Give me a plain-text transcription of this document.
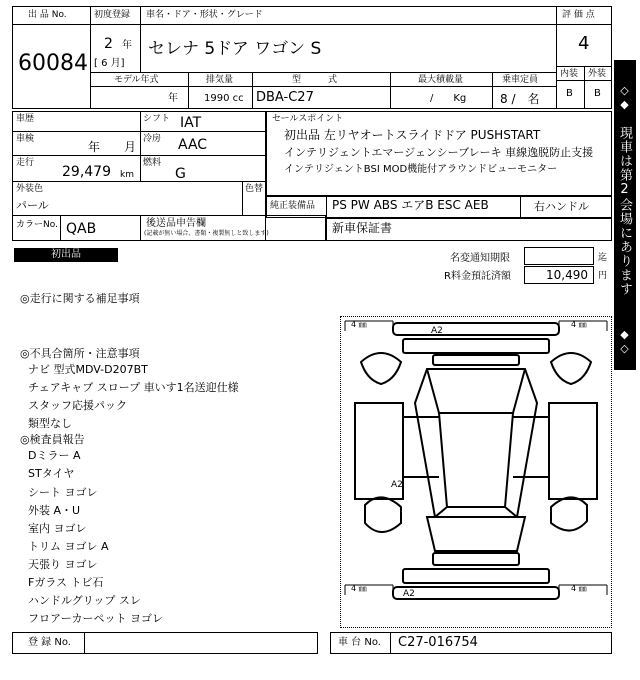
出 品 No.
60084
初度登録
2 年
[ 6 月]
車名・ドア・形状・グレード
セレナ 5ドア ワゴン S
モデル年式
年
排気量
1990 cc
型　　　式
DBA-C27
最大積載量
/　　Kg
乗車定員
8 /　名
評 価 点
4
内装 外装
B B
車歴
車検
年　　月
走行
29,479 km
シフト IAT
冷房 AAC
燃料
G
外装色
パール
色替
カラーNo. QAB	後送品申告欄
(記載が無い場合、書類・複製無しと致します)
セールスポイント
初出品 左リヤオートスライドドア PUSHSTART
インテリジェントエマージェンシーブレーキ 車線逸脱防止支援
インテリジェントBSI MOD機能付アラウンドビューモニター
純正装備品 PS PW ABS エアB ESC AEB	右ハンドル
新車保証書
初出品	名変通知期限	迄
R料金預託済額	10,490 円
◎走行に関する補足事項
◎不具合箇所・注意事項
ナビ 型式MDV-D207BT
チェアキャブ スロープ 車いす1名送迎仕様
スタッフ応援パック
類型なし
◎検査員報告
Dミラー A
STタイヤ
シート ヨゴレ
外装 A・U
室内 ヨゴレ
トリム ヨゴレ A
天張り ヨゴレ
Fガラス トビ石
ハンドルグリップ スレ
フロアーカーペット ヨゴレ
4 ㎜	4 ㎜
4 ㎜	4 ㎜
A2
A2
A2
登 録 No.	車 台 No. C27-016754
◇◆
現車は第2会場にあります
◆◇
